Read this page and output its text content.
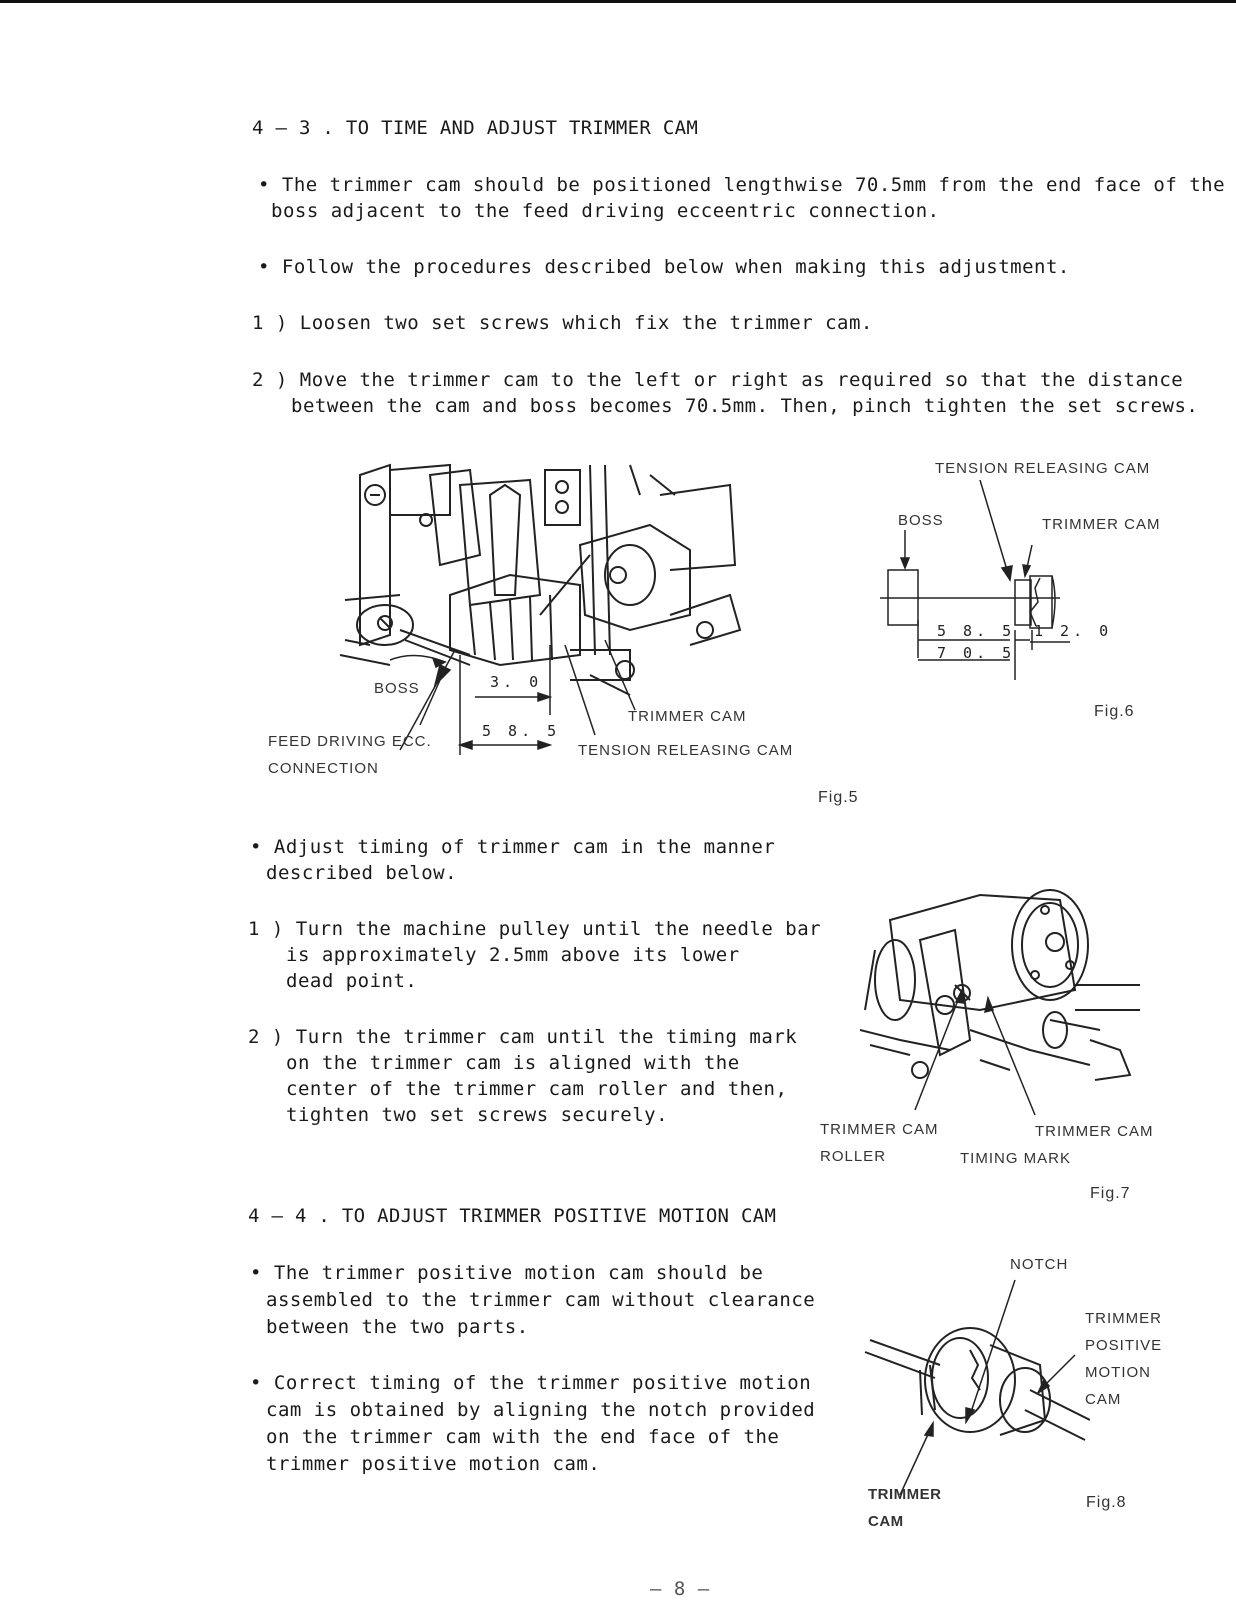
4 — 3 . TO TIME AND ADJUST TRIMMER CAM
• The trimmer cam should be positioned lengthwise 70.5mm from the end face of the
boss adjacent to the feed driving ecceentric connection.
• Follow the procedures described below when making this adjustment.
1 ) Loosen two set screws which fix the trimmer cam.
2 ) Move the trimmer cam to the left or right as required so that the distance
between the cam and boss becomes 70.5mm. Then, pinch tighten the set screws.
BOSS	3. 0
5 8. 5
TRIMMER CAM
TENSION RELEASING CAM
FEED DRIVING ECC.
CONNECTION
Fig.5
TENSION RELEASING CAM
BOSS	TRIMMER CAM
5 8. 5 1 2. 0
7 0. 5
Fig.6
• Adjust timing of trimmer cam in the manner
described below.
1 ) Turn the machine pulley until the needle bar
is approximately 2.5mm above its lower
dead point.
2 ) Turn the trimmer cam until the timing mark
on the trimmer cam is aligned with the
center of the trimmer cam roller and then,
tighten two set screws securely.
TRIMMER CAM
ROLLER
TRIMMER CAM
TIMING MARK
Fig.7
4 — 4 . TO ADJUST TRIMMER POSITIVE MOTION CAM
• The trimmer positive motion cam should be
assembled to the trimmer cam without clearance
between the two parts.
• Correct timing of the trimmer positive motion
cam is obtained by aligning the notch provided
on the trimmer cam with the end face of the
trimmer positive motion cam.
NOTCH
TRIMMER
POSITIVE
MOTION
CAM
TRIMMER
CAM
Fig.8
— 8 —
